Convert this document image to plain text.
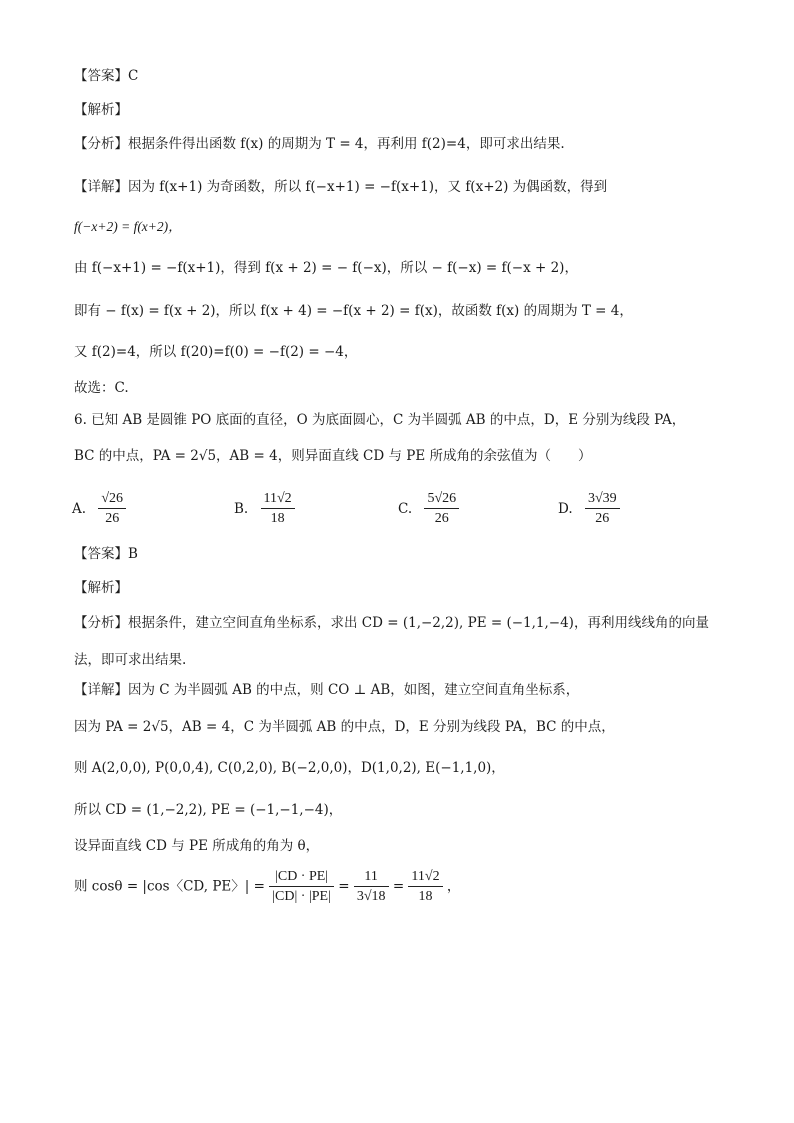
【答案】C
【解析】
【分析】根据条件得出函数 f(x) 的周期为 T = 4，再利用 f(2)=4，即可求出结果.
【详解】因为 f(x+1) 为奇函数，所以 f(−x+1) = −f(x+1)，又 f(x+2) 为偶函数，得到
f(−x+2) = f(x+2)，
由 f(−x+1) = −f(x+1)，得到 f(x + 2) = − f(−x)，所以 − f(−x) = f(−x + 2)，
即有 − f(x) = f(x + 2)，所以 f(x + 4) = −f(x + 2) = f(x)，故函数 f(x) 的周期为 T = 4，
又 f(2)=4，所以 f(20)=f(0) = −f(2) = −4，
故选：C.
6. 已知 AB 是圆锥 PO 底面的直径，O 为底面圆心，C 为半圆弧 AB 的中点，D，E 分别为线段 PA，
BC 的中点，PA = 2√5，AB = 4，则异面直线 CD 与 PE 所成角的余弦值为（　　）
A. $\frac{√26}{26}$	B. $\frac{11√2}{18}$	C. $\frac{5√26}{26}$	D. $\frac{3√39}{26}$
【答案】B
【解析】
【分析】根据条件，建立空间直角坐标系，求出 CD = (1,−2,2), PE = (−1,1,−4)，再利用线线角的向量
法，即可求出结果.
【详解】因为 C 为半圆弧 AB 的中点，则 CO ⊥ AB，如图，建立空间直角坐标系，
因为 PA = 2√5，AB = 4，C 为半圆弧 AB 的中点，D，E 分别为线段 PA，BC 的中点，
则 A(2,0,0), P(0,0,4), C(0,2,0), B(−2,0,0)，D(1,0,2), E(−1,1,0)，
所以 CD = (1,−2,2), PE = (−1,−1,−4)，
设异面直线 CD 与 PE 所成角的角为 θ，
则 cosθ = |cos〈CD, PE〉| = $\frac{|CD \cdot PE|}{|CD| \cdot |PE|} = \frac{11}{3√18} = \frac{11√2}{18}$ ，
